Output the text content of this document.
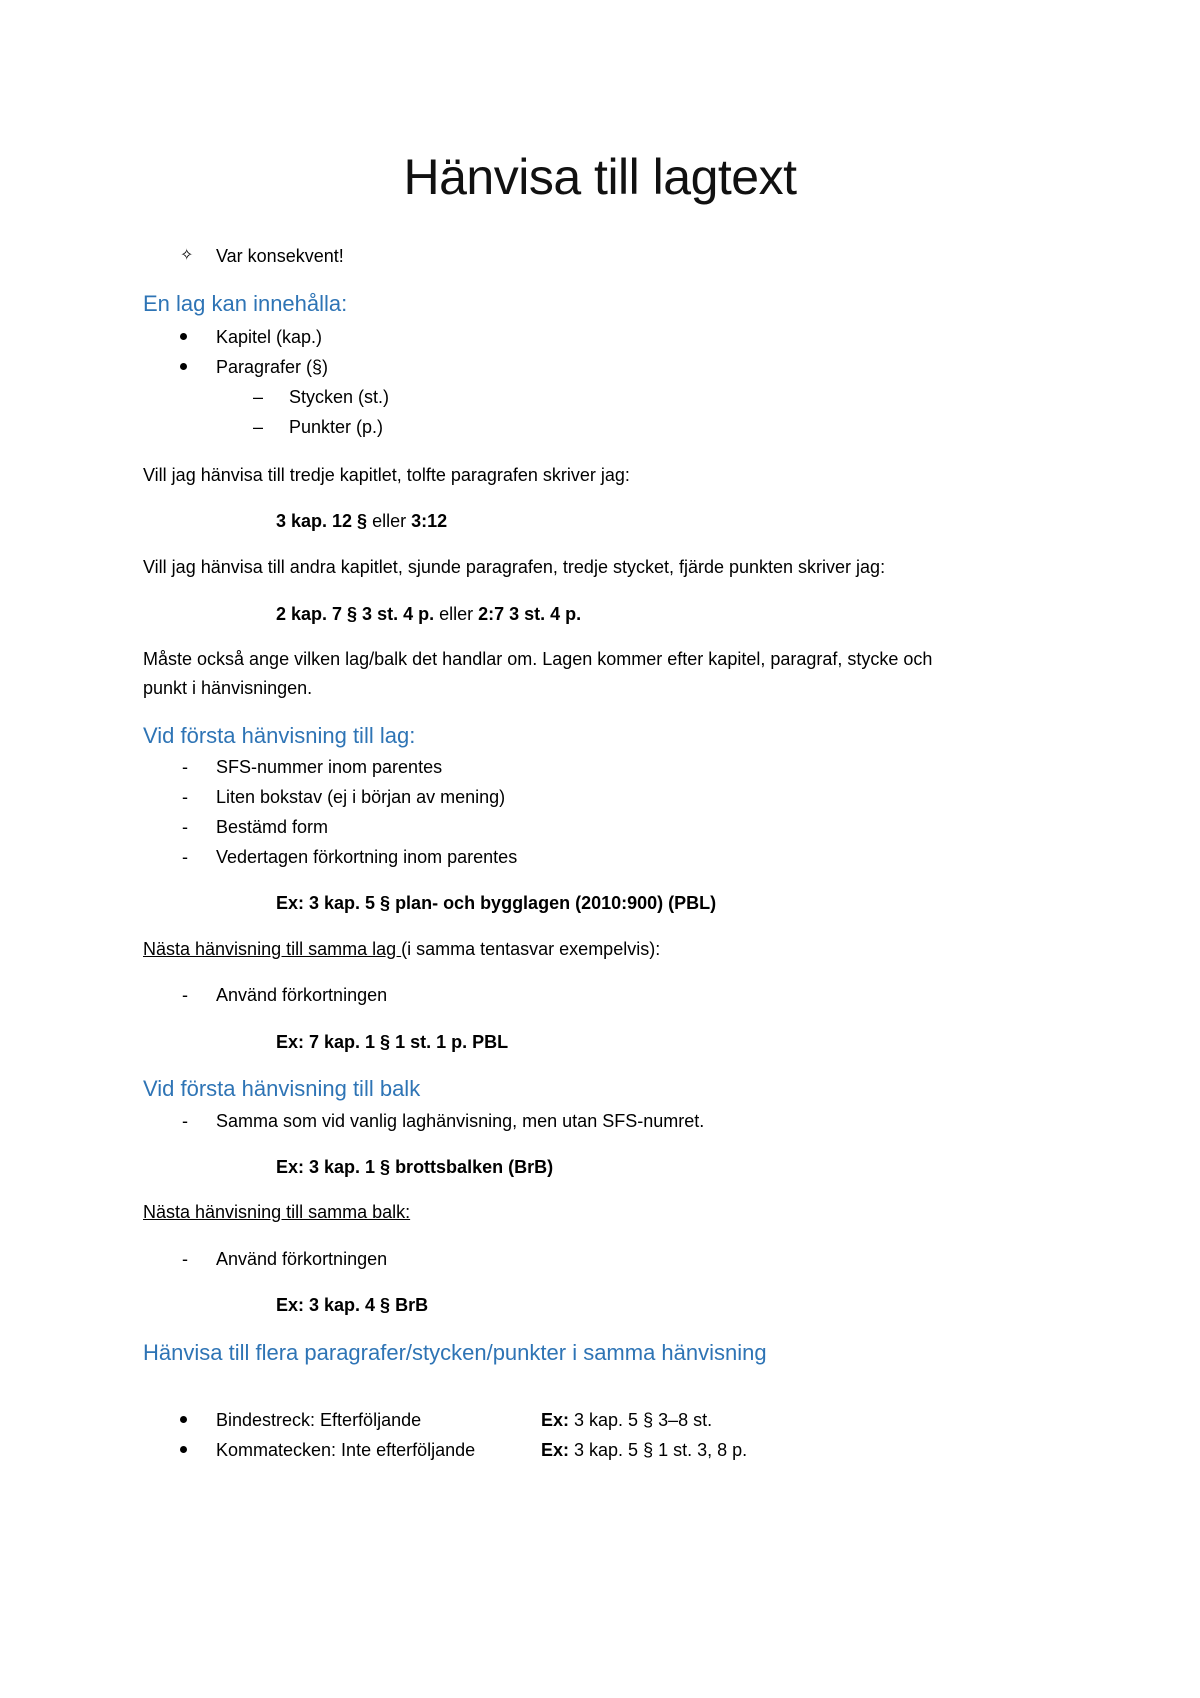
Hänvisa till lagtext
✧ Var konsekvent!
En lag kan innehålla:
Kapitel (kap.)
Paragrafer (§)
– Stycken (st.)
– Punkter (p.)
Vill jag hänvisa till tredje kapitlet, tolfte paragrafen skriver jag:
3 kap. 12 § eller 3:12
Vill jag hänvisa till andra kapitlet, sjunde paragrafen, tredje stycket, fjärde punkten skriver jag:
2 kap. 7 § 3 st. 4 p. eller 2:7 3 st. 4 p.
Måste också ange vilken lag/balk det handlar om. Lagen kommer efter kapitel, paragraf, stycke och
punkt i hänvisningen.
Vid första hänvisning till lag:
- SFS-nummer inom parentes
- Liten bokstav (ej i början av mening)
- Bestämd form
- Vedertagen förkortning inom parentes
Ex: 3 kap. 5 § plan- och bygglagen (2010:900) (PBL)
Nästa hänvisning till samma lag (i samma tentasvar exempelvis):
- Använd förkortningen
Ex: 7 kap. 1 § 1 st. 1 p. PBL
Vid första hänvisning till balk
- Samma som vid vanlig laghänvisning, men utan SFS-numret.
Ex: 3 kap. 1 § brottsbalken (BrB)
Nästa hänvisning till samma balk:
- Använd förkortningen
Ex: 3 kap. 4 § BrB
Hänvisa till flera paragrafer/stycken/punkter i samma hänvisning
Bindestreck: Efterföljande	Ex: 3 kap. 5 § 3–8 st.
Kommatecken: Inte efterföljande	Ex: 3 kap. 5 § 1 st. 3, 8 p.
